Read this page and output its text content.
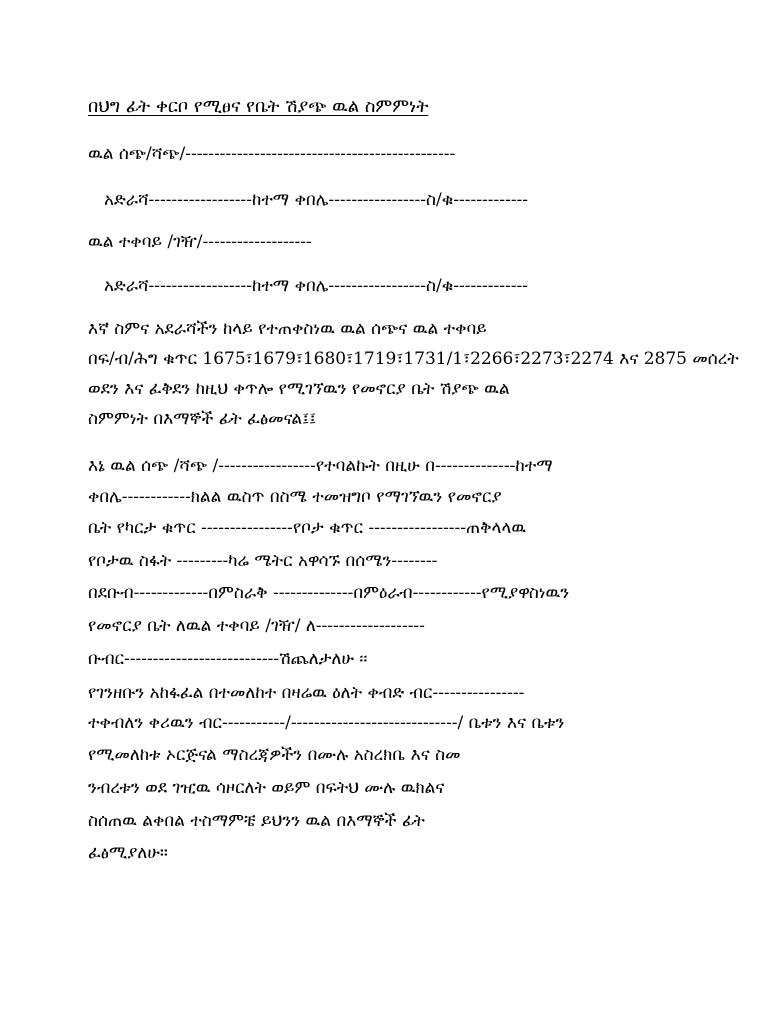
በህግ ፊት ቀርቦ የሚፀና የቤት ሽያጭ ዉል ስምምነት
ዉል ሰጭ/ሻጭ/-----------------------------------------------
አድራሻ------------------ከተማ ቀበሌ-----------------ስ/ቁ-------------
ዉል ተቀባይ /ገዥ/-------------------
አድራሻ------------------ከተማ ቀበሌ-----------------ስ/ቁ-------------
እኛ ስምና አደራሻችን ከላይ የተጠቀስነዉ ዉል ሰጭና ዉል ተቀባይ
በፍ/ብ/ሕግ ቁጥር 1675፣1679፣1680፣1719፣1731/1፣2266፣2273፣2274 እና 2875 መሰረት
ወደን እና ፈቅደን ከዚህ ቀጥሎ የሚገኘዉን የመኖርያ ቤት ሽያጭ ዉል
ስምምነት በእማኞች ፊት ፈፅመናል፤፤
እኔ ዉል ሰጭ /ሻጭ /-----------------የተባልኩት በዚሁ በ--------------ከተማ
ቀበሌ------------ክልል ዉስጥ በስሜ ተመዝግቦ የማገኘዉን የመኖርያ
ቤት የካርታ ቁጥር ----------------የቦታ ቁጥር -----------------ጠቅላላዉ
የቦታዉ ስፋት ---------ካሬ ሜትር አዋሳኙ በሰሜን--------
በደቡብ-------------በምስራቅ --------------በምዕራብ------------የሚያዋስነዉን
የመኖርያ ቤት ለዉል ተቀባይ /ገዥ/ ለ-------------------
ቡብር---------------------------ሽጨለታለሁ ፡፡
የገንዘቡን አከፋፈል በተመለከተ በዛሬዉ ዕለት ቀብድ ብር----------------
ተቀብለን ቀሪዉን ብር-----------/-----------------------------/ ቤቱን እና ቤቱን
የሚመለከቱ ኦርጅናል ማስረጃዎችን በሙሉ አስረክቤ እና ስመ
ንብረቱን ወደ ገዢዉ ሳዞርለት ወይም በፍትህ ሙሉ ዉክልና
ስሰጠዉ ልቀበል ተስማምቼ ይህንን ዉል በእማኞች ፊት
ፈፅሚያለሁ።
